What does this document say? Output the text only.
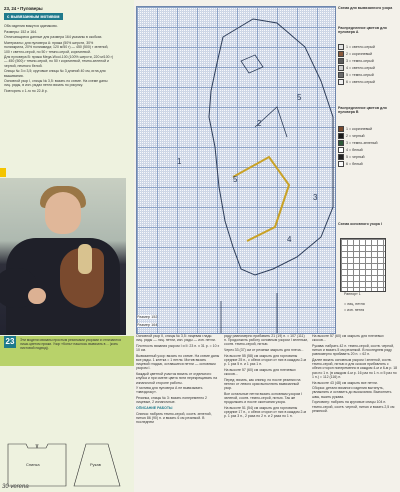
23, 24 • Пуловеры
с вывязанным мотивом
Оба изделия вяжутся одинаково.
Размеры: 152 и 164.
Отличающиеся данные для размера 164 указаны в скобках.
Материалы: для пуловера А: пряжа (50% шерсти, 30% полиакрила, 20% полиамида; 120 м/50 г) — 450 (500) г зеленой, 100 г светло-серой, по 50 г темно-серой, коричневой.
Для пуловера В: пряжа Mega-Wool-100 (100% шерсти, 220 м/100 г) — 450 (500) г темно-серой, по 50 г коричневой, темно-зеленой и черной, немного белой.
Спицы № 3 и 3,5; круговые спицы № 3 длиной 40 см, игла для вышивания.
Основной узор I, спицы № 3,5: вязать по схеме. На схеме даны лиц. ряды, в изн. рядах петли вязать по рисунку.
Повторять с 1-го по 22-й р.
23	Эти модели связаны простым резинками узорами и отличаются лишь цветом пряжи. Узор «Конь» нашлось вывязать в… (конь листовой подвод).
Спинка	Рукав
30 verena
1
5
5
3
4
2
Размер 152
Размер 164
Схема для вывязанного узора
Распределение цветов для пуловера А
1 = светло-серый
2 = коричневый
3 = темно-серый
4 = светло-серый
5 = темно-серый
6 = светло-серый
Распределение цветов для пуловера В
1 = коричневый
2 = черный
3 = темно-зеленый
4 = белый
5 = черный
6 = белый
Схема основного узора I
Раппорт 1
= лиц. петля
= изн. петля
Основной узор II, спицы № 3,5: лицевая гладь: лиц. ряды — лиц. петли, изн. ряды — изн. петли.
Плотность вязания узором I и II: 23 п. x 31 р. = 10 x 10 см.
Вывязанный узор: вязать по схеме. На схеме даны все ряды. 1 клетка = 1 петля. Мотив вязать лицевой гладью, оставшиеся петли — основным узором I.
Каждый цветной участок вязать от отдельного клубка и при смене цвета нити перекрещивать на изнаночной стороне работы.
У мотива для пуловера А не вывязывать «звездочку».
Резинка, спицы № 3: вязать попеременно 2 лицевые, 2 изнаночные.
ОПИСАНИЕ РАБОТЫ
Спинка: набрать темно-серой, соотв. зеленой, нитью 86 (90) п. и вязать 6 см резинкой. В последнем
ряду равномерно прибавить 21 (19) п. = 107 (111) п. Продолжить работу основным узором I зеленым, соотв. темно-серой, нитью.
Через 33 (37) см от резинки закрыть для плеча...
На высоте 55 (58) см закрыть для горловины средние 25 п., с обеих сторон от них в каждом 2-м р. 1 раз 5 п. и 1 раз 1 п.
На высоте 57 (60) см закрыть для плечевых скосов...
Перед: вязать, как спинку, но после резинки на петлях от левого края выполнить вывязанный узор.
Все остальные петли вязать основным узором I зеленой, соотв. темно-серой, нитью. Так же продолжать и после окончания узора.
На высоте 51 (54) см закрыть для горловины средние 17 п., с обеих сторон от них в каждом 2-м р. 1 раз 3 п., 2 раза по 2 п. и 2 раза по 1 п.
На высоте 57 (60) см закрыть для плечевых скосов...
Рукава: набрать 42 п. темно-серой, соотв. черной, нитью и вязать 5 см резинкой. В последнем ряду равномерно прибавить 20 п. = 62 п.
Далее вязать основным узором I зеленой, соотв. темно-серой, нитью и для скосов прибавлять с обеих сторон попеременно в каждом 4-м и 6-м р. 18 раз по 1 п. (в каждом 4-м р. 16 раз по 1 п. и 5 раз по 1 п.) = 112 (116) п.
На высоте 43 (48) см закрыть все петли.
Сборка: детали вязаного изделия вытянуть, увлажнить и оставить до высыхания. Выполнить швы, вшить рукава.
Горловину: набрать на круговые спицы 104 п. темно-серой, соотв. черной, нитью и вязать 2,5 см резинкой.
